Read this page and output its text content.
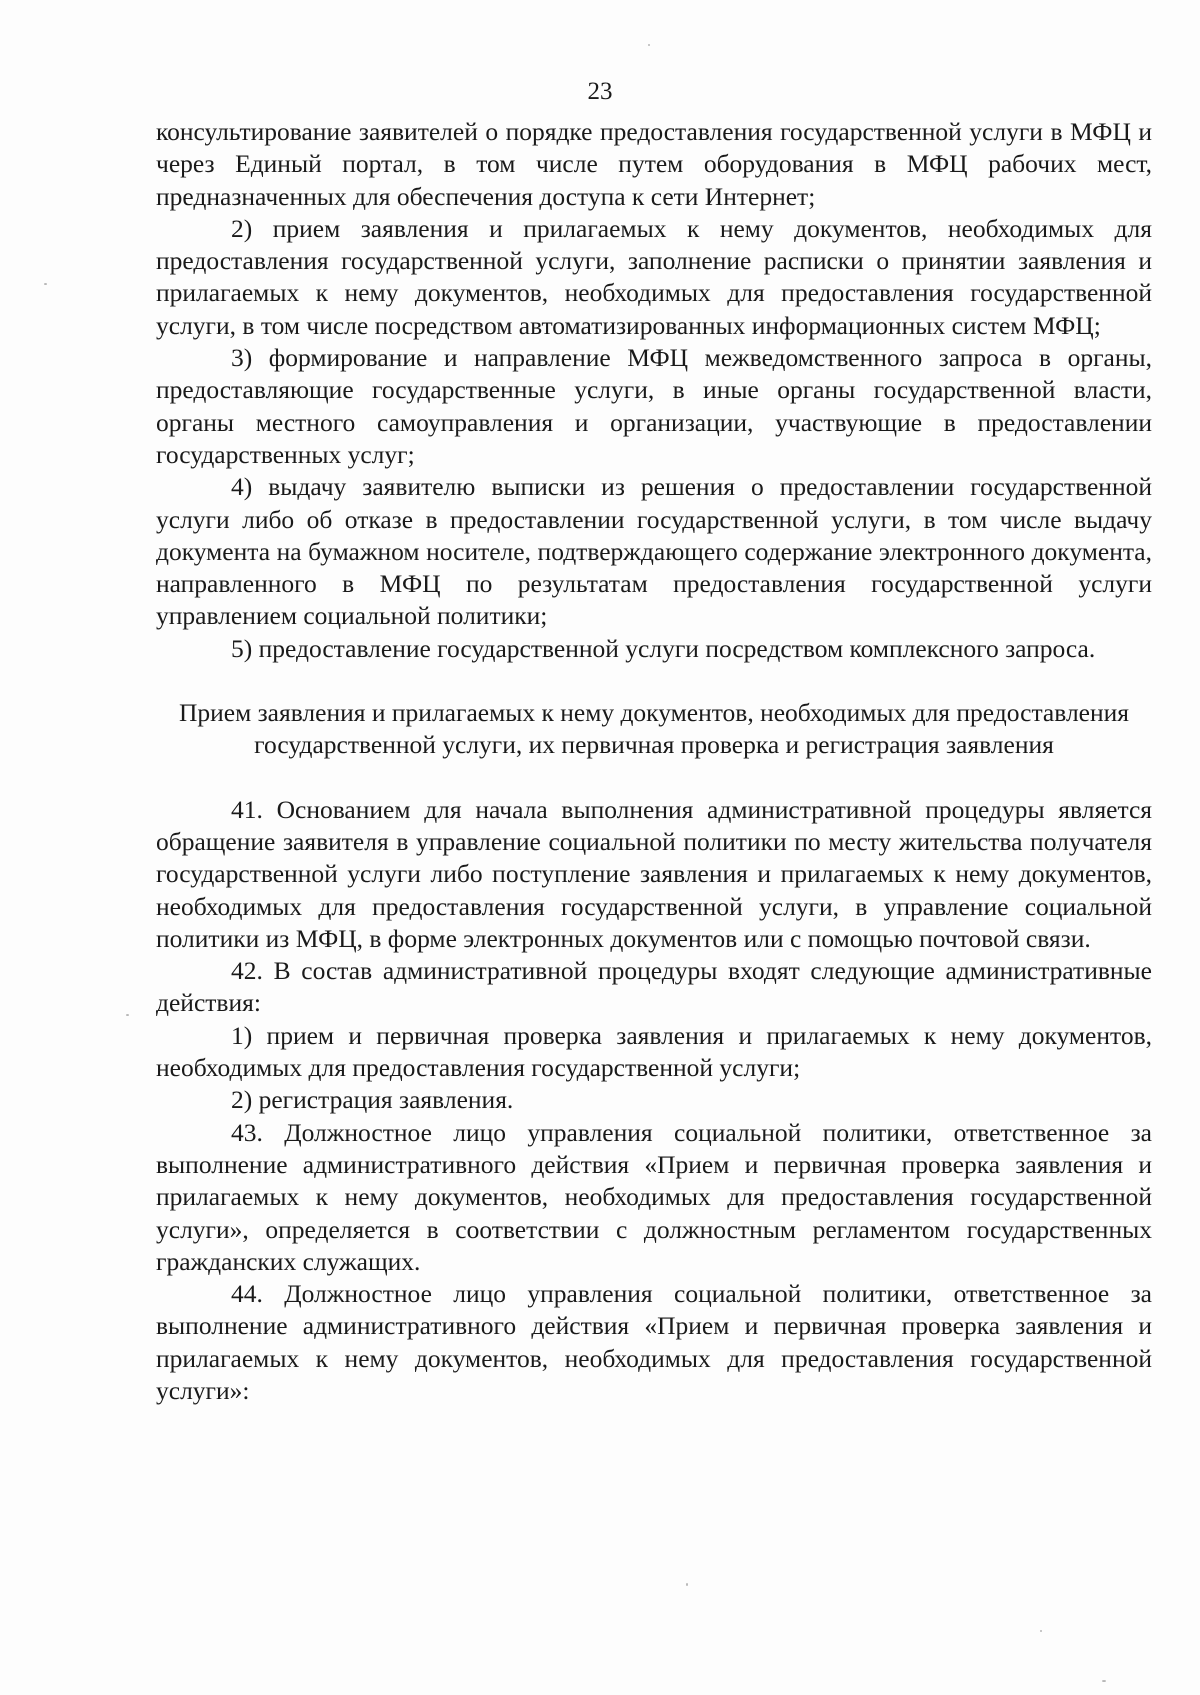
23

консультирование заявителей о порядке предоставления государственной услуги в МФЦ и через Единый портал, в том числе путем оборудования в МФЦ рабочих мест, предназначенных для обеспечения доступа к сети Интернет;

2) прием заявления и прилагаемых к нему документов, необходимых для предоставления государственной услуги, заполнение расписки о принятии заявления и прилагаемых к нему документов, необходимых для предоставления государственной услуги, в том числе посредством автоматизированных информационных систем МФЦ;

3) формирование и направление МФЦ межведомственного запроса в органы, предоставляющие государственные услуги, в иные органы государственной власти, органы местного самоуправления и организации, участвующие в предоставлении государственных услуг;

4) выдачу заявителю выписки из решения о предоставлении государственной услуги либо об отказе в предоставлении государственной услуги, в том числе выдачу документа на бумажном носителе, подтверждающего содержание электронного документа, направленного в МФЦ по результатам предоставления государственной услуги управлением социальной политики;

5) предоставление государственной услуги посредством комплексного запроса.

Прием заявления и прилагаемых к нему документов, необходимых для предоставления государственной услуги, их первичная проверка и регистрация заявления

41. Основанием для начала выполнения административной процедуры является обращение заявителя в управление социальной политики по месту жительства получателя государственной услуги либо поступление заявления и прилагаемых к нему документов, необходимых для предоставления государственной услуги, в управление социальной политики из МФЦ, в форме электронных документов или с помощью почтовой связи.

42. В состав административной процедуры входят следующие административные действия:

1) прием и первичная проверка заявления и прилагаемых к нему документов, необходимых для предоставления государственной услуги;

2) регистрация заявления.

43. Должностное лицо управления социальной политики, ответственное за выполнение административного действия «Прием и первичная проверка заявления и прилагаемых к нему документов, необходимых для предоставления государственной услуги», определяется в соответствии с должностным регламентом государственных гражданских служащих.

44. Должностное лицо управления социальной политики, ответственное за выполнение административного действия «Прием и первичная проверка заявления и прилагаемых к нему документов, необходимых для предоставления государственной услуги»:
